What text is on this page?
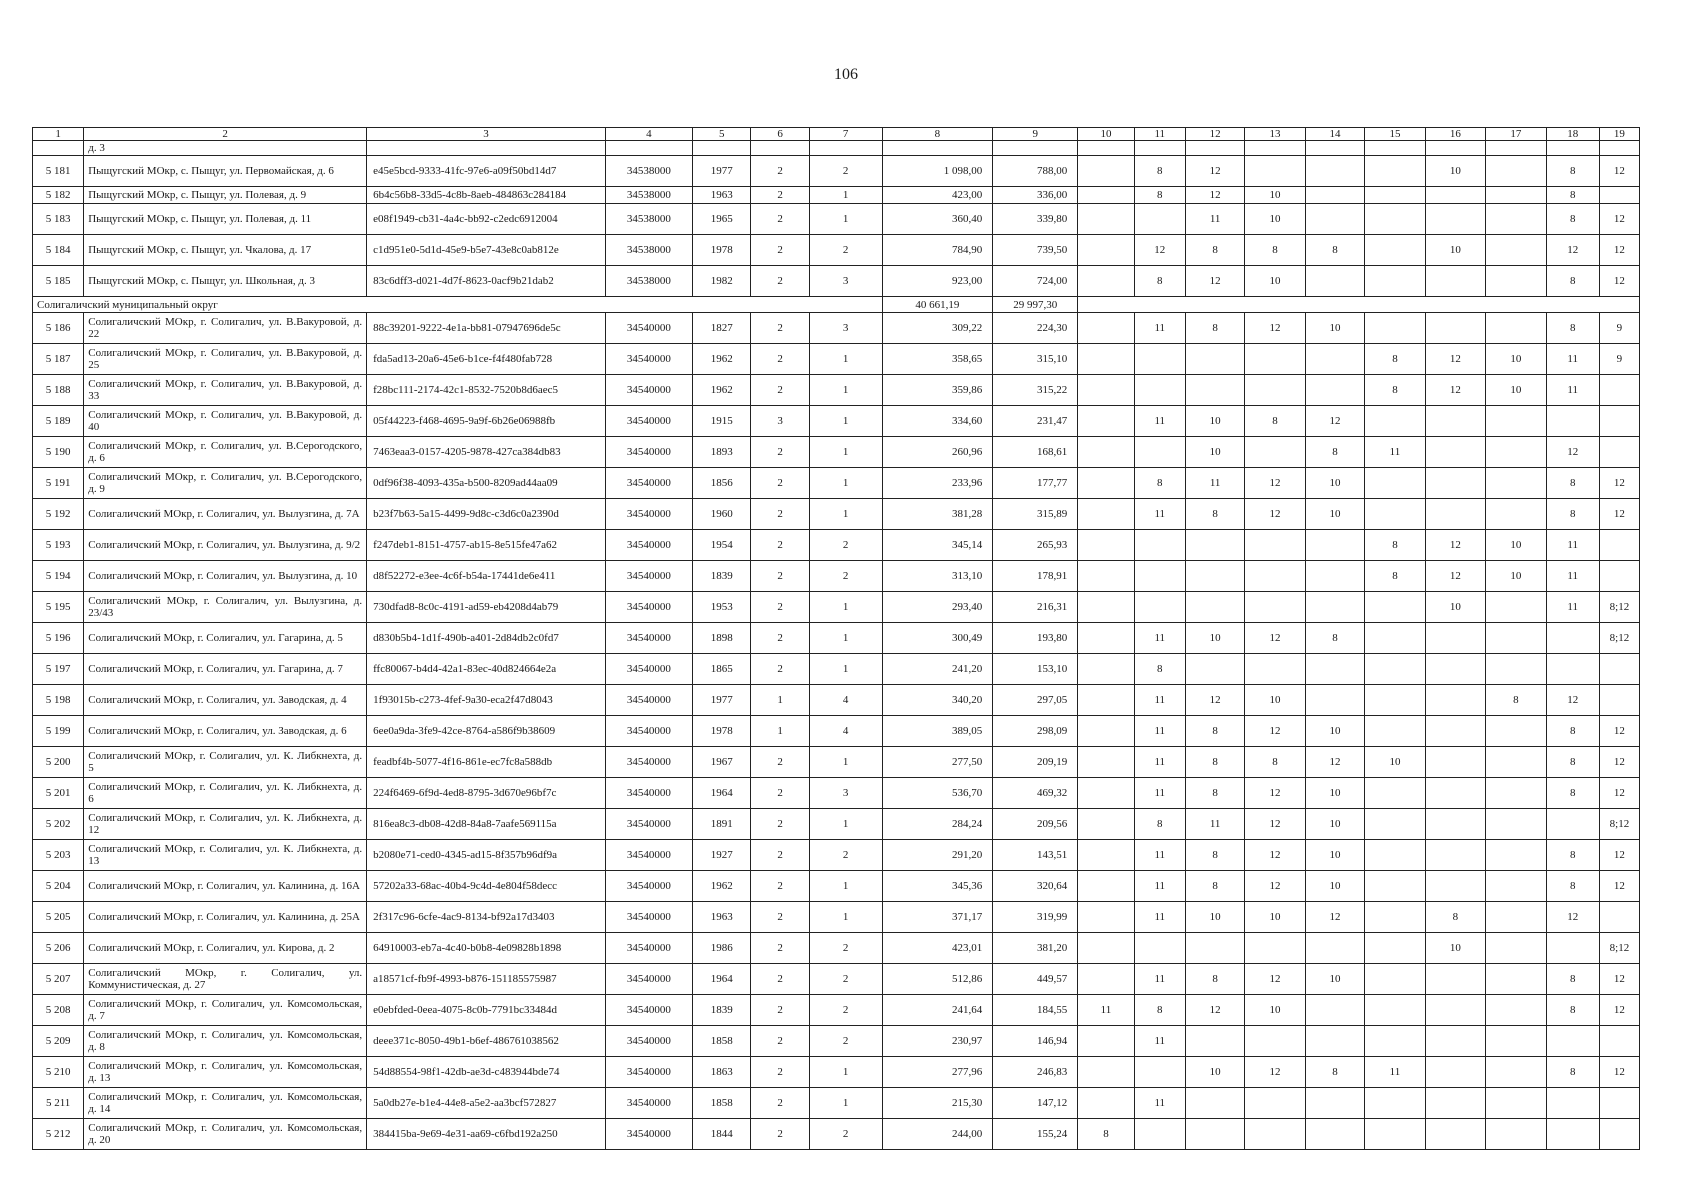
106
1	2	3	4	5	6	7	8	9	10	11	12	13	14	15	16	17	18	19
	д. 3																	
5 181	Пыщугский МОкр, с. Пыщуг, ул. Первомайская, д. 6	e45e5bcd-9333-41fc-97e6-a09f50bd14d7	34538000	1977	2	2	1 098,00	788,00		8	12				10		8	12
5 182	Пыщугский МОкр, с. Пыщуг, ул. Полевая, д. 9	6b4c56b8-33d5-4c8b-8aeb-484863c284184	34538000	1963	2	1	423,00	336,00		8	12	10					8	
5 183	Пыщугский МОкр, с. Пыщуг, ул. Полевая, д. 11	e08f1949-cb31-4a4c-bb92-c2edc6912004	34538000	1965	2	1	360,40	339,80			11	10					8	12
5 184	Пыщугский МОкр, с. Пыщуг, ул. Чкалова, д. 17	c1d951e0-5d1d-45e9-b5e7-43e8c0ab812e	34538000	1978	2	2	784,90	739,50		12	8	8	8		10		12	12
5 185	Пыщугский МОкр, с. Пыщуг, ул. Школьная, д. 3	83c6dff3-d021-4d7f-8623-0acf9b21dab2	34538000	1982	2	3	923,00	724,00		8	12	10					8	12
Солигаличский муниципальный округ							40 661,19	29 997,30										
5 186	Солигаличский МОкр, г. Солигалич, ул. В.Вакуровой, д. 22	88c39201-9222-4e1a-bb81-07947696de5c	34540000	1827	2	3	309,22	224,30		11	8	12	10				8	9
5 187	Солигаличский МОкр, г. Солигалич, ул. В.Вакуровой, д. 25	fda5ad13-20a6-45e6-b1ce-f4f480fab728	34540000	1962	2	1	358,65	315,10						8	12	10	11	9
5 188	Солигаличский МОкр, г. Солигалич, ул. В.Вакуровой, д. 33	f28bc111-2174-42c1-8532-7520b8d6aec5	34540000	1962	2	1	359,86	315,22						8	12	10	11	
5 189	Солигаличский МОкр, г. Солигалич, ул. В.Вакуровой, д. 40	05f44223-f468-4695-9a9f-6b26e06988fb	34540000	1915	3	1	334,60	231,47		11	10	8	12					
5 190	Солигаличский МОкр, г. Солигалич, ул. В.Серогодского, д. 6	7463eaa3-0157-4205-9878-427ca384db83	34540000	1893	2	1	260,96	168,61			10		8	11			12	
5 191	Солигаличский МОкр, г. Солигалич, ул. В.Серогодского, д. 9	0df96f38-4093-435a-b500-8209ad44aa09	34540000	1856	2	1	233,96	177,77		8	11	12	10				8	12
5 192	Солигаличский МОкр, г. Солигалич, ул. Вылузгина, д. 7А	b23f7b63-5a15-4499-9d8c-c3d6c0a2390d	34540000	1960	2	1	381,28	315,89		11	8	12	10				8	12
5 193	Солигаличский МОкр, г. Солигалич, ул. Вылузгина, д. 9/2	f247deb1-8151-4757-ab15-8e515fe47a62	34540000	1954	2	2	345,14	265,93						8	12	10	11	
5 194	Солигаличский МОкр, г. Солигалич, ул. Вылузгина, д. 10	d8f52272-e3ee-4c6f-b54a-17441de6e411	34540000	1839	2	2	313,10	178,91						8	12	10	11	
5 195	Солигаличский МОкр, г. Солигалич, ул. Вылузгина, д. 23/43	730dfad8-8c0c-4191-ad59-eb4208d4ab79	34540000	1953	2	1	293,40	216,31							10		11	8;12
5 196	Солигаличский МОкр, г. Солигалич, ул. Гагарина, д. 5	d830b5b4-1d1f-490b-a401-2d84db2c0fd7	34540000	1898	2	1	300,49	193,80		11	10	12	8					8;12
5 197	Солигаличский МОкр, г. Солигалич, ул. Гагарина, д. 7	ffc80067-b4d4-42a1-83ec-40d824664e2a	34540000	1865	2	1	241,20	153,10		8								
5 198	Солигаличский МОкр, г. Солигалич, ул. Заводская, д. 4	1f93015b-c273-4fef-9a30-eca2f47d8043	34540000	1977	1	4	340,20	297,05		11	12	10				8	12	
5 199	Солигаличский МОкр, г. Солигалич, ул. Заводская, д. 6	6ee0a9da-3fe9-42ce-8764-a586f9b38609	34540000	1978	1	4	389,05	298,09		11	8	12	10				8	12
5 200	Солигаличский МОкр, г. Солигалич, ул. К. Либкнехта, д. 5	feadbf4b-5077-4f16-861e-ec7fc8a588db	34540000	1967	2	1	277,50	209,19		11	8	8	12	10			8	12
5 201	Солигаличский МОкр, г. Солигалич, ул. К. Либкнехта, д. 6	224f6469-6f9d-4ed8-8795-3d670e96bf7c	34540000	1964	2	3	536,70	469,32		11	8	12	10				8	12
5 202	Солигаличский МОкр, г. Солигалич, ул. К. Либкнехта, д. 12	816ea8c3-db08-42d8-84a8-7aafe569115a	34540000	1891	2	1	284,24	209,56		8	11	12	10					8;12
5 203	Солигаличский МОкр, г. Солигалич, ул. К. Либкнехта, д. 13	b2080e71-ced0-4345-ad15-8f357b96df9a	34540000	1927	2	2	291,20	143,51		11	8	12	10				8	12
5 204	Солигаличский МОкр, г. Солигалич, ул. Калинина, д. 16А	57202a33-68ac-40b4-9c4d-4e804f58decc	34540000	1962	2	1	345,36	320,64		11	8	12	10				8	12
5 205	Солигаличский МОкр, г. Солигалич, ул. Калинина, д. 25А	2f317c96-6cfe-4ac9-8134-bf92a17d3403	34540000	1963	2	1	371,17	319,99		11	10	10	12		8		12	
5 206	Солигаличский МОкр, г. Солигалич, ул. Кирова, д. 2	64910003-eb7a-4c40-b0b8-4e09828b1898	34540000	1986	2	2	423,01	381,20							10			8;12
5 207	Солигаличский МОкр, г. Солигалич, ул. Коммунистическая, д. 27	a18571cf-fb9f-4993-b876-151185575987	34540000	1964	2	2	512,86	449,57		11	8	12	10				8	12
5 208	Солигаличский МОкр, г. Солигалич, ул. Комсомольская, д. 7	e0ebfded-0eea-4075-8c0b-7791bc33484d	34540000	1839	2	2	241,64	184,55	11	8	12	10					8	12
5 209	Солигаличский МОкр, г. Солигалич, ул. Комсомольская, д. 8	deee371c-8050-49b1-b6ef-486761038562	34540000	1858	2	2	230,97	146,94		11								
5 210	Солигаличский МОкр, г. Солигалич, ул. Комсомольская, д. 13	54d88554-98f1-42db-ae3d-c483944bde74	34540000	1863	2	1	277,96	246,83			10	12	8	11			8	12
5 211	Солигаличский МОкр, г. Солигалич, ул. Комсомольская, д. 14	5a0db27e-b1e4-44e8-a5e2-aa3bcf572827	34540000	1858	2	1	215,30	147,12		11								
5 212	Солигаличский МОкр, г. Солигалич, ул. Комсомольская, д. 20	384415ba-9e69-4e31-aa69-c6fbd192a250	34540000	1844	2	2	244,00	155,24	8									
